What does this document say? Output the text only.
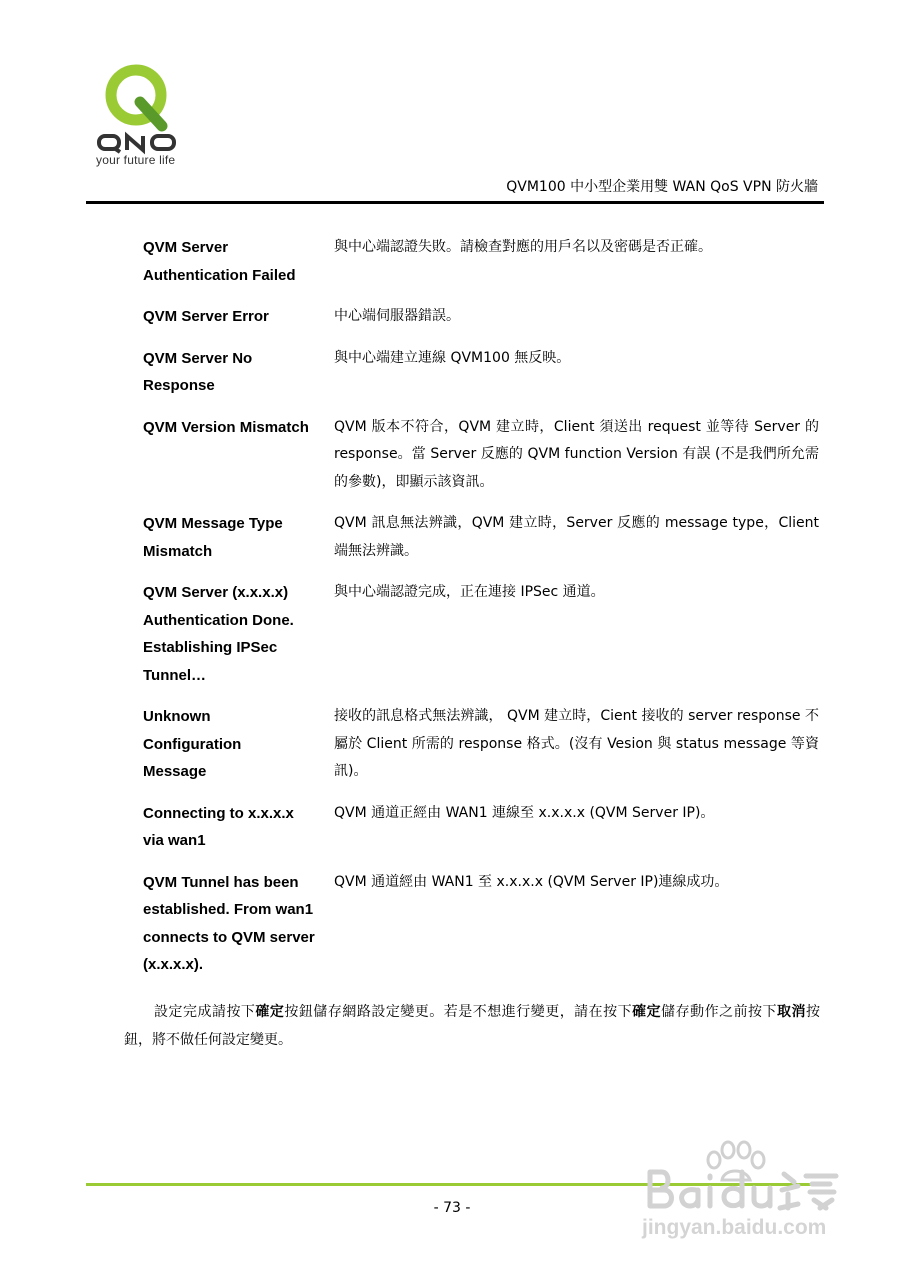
your future life
QVM100 中小型企業用雙 WAN QoS VPN 防火牆
QVM Server Authentication Failed
與中心端認證失敗。請檢查對應的用戶名以及密碼是否正確。
QVM Server Error	中心端伺服器錯誤。
QVM Server No Response
與中心端建立連線 QVM100 無反映。
QVM Version Mismatch	QVM 版本不符合，QVM 建立時，Client 須送出 request 並等待 Server 的 response。當 Server 反應的 QVM function Version 有誤 (不是我們所允需的參數)，即顯示該資訊。
QVM Message Type Mismatch
QVM 訊息無法辨識，QVM 建立時，Server 反應的 message type，Client 端無法辨識。
QVM Server (x.x.x.x) Authentication Done. Establishing IPSec Tunnel…
與中心端認證完成，正在連接 IPSec 通道。
Unknown Configuration Message
接收的訊息格式無法辨識， QVM 建立時，Cient 接收的 server response 不屬於 Client 所需的 response 格式。(沒有 Vesion 與 status message 等資訊)。
Connecting to x.x.x.x via wan1
QVM 通道正經由 WAN1 連線至 x.x.x.x (QVM Server IP)。
QVM Tunnel has been established. From wan1 connects to QVM server (x.x.x.x).
QVM 通道經由 WAN1 至 x.x.x.x (QVM Server IP)連線成功。
設定完成請按下確定按鈕儲存網路設定變更。若是不想進行變更，請在按下確定儲存動作之前按下取消按鈕，將不做任何設定變更。
- 73 -
jingyan.baidu.com
